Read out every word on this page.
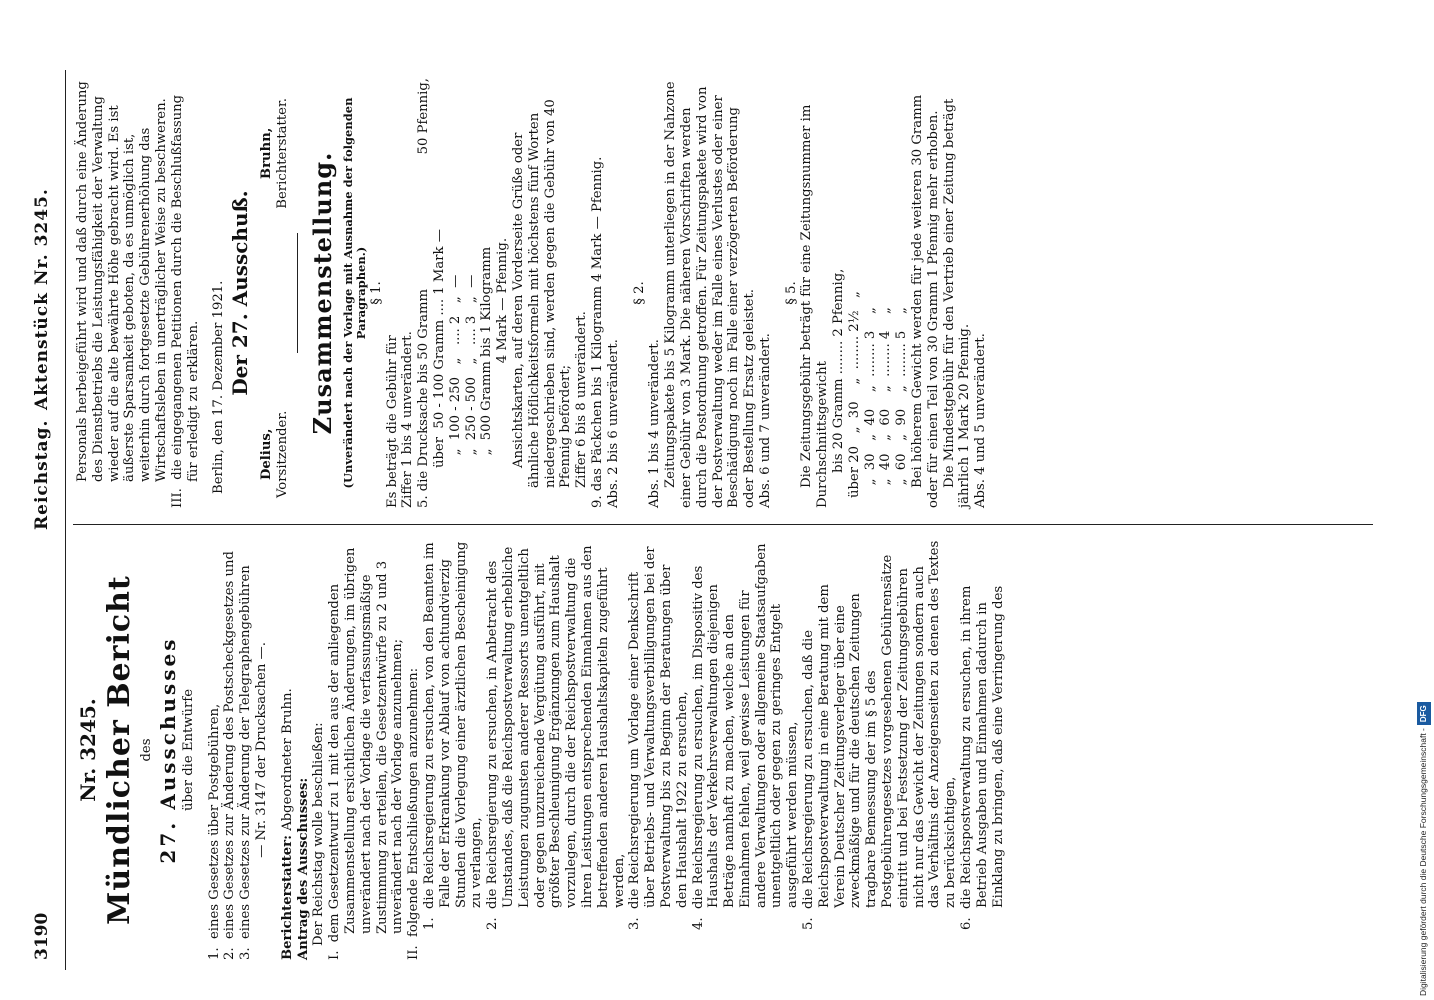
3190
Reichstag.
Aktenstück Nr. 3245.

Nr. 3245. Mündlicher Bericht des 27. Ausschusses über die Entwürfe

1.  eines Gesetzes über Postgebühren,

2.  eines Gesetzes zur Änderung des Postscheckgesetzes und

3.  eines Gesetzes zur Änderung der Telegraphengebühren — Nr. 3147 der Drucksachen —.

Berichterstatter: Abgeordneter Bruhn.

Antrag des Ausschusses: Der Reichstag wolle beschließen:

I.  dem Gesetzentwurf zu 1 mit den aus der anliegenden Zusammenstellung ersichtlichen Änderungen, im übrigen unverändert nach der Vorlage die verfassungsmäßige Zustimmung zu erteilen, die Gesetzentwürfe zu 2 und 3 unverändert nach der Vorlage anzunehmen;

II.  folgende Entschließungen anzunehmen: 1.  die Reichsregierung zu ersuchen, von den Beamten im Falle der Erkrankung vor Ablauf von achtundvierzig Stunden die Vorlegung einer ärztlichen Bescheinigung zu verlangen,

2.  die Reichsregierung zu ersuchen, in Anbetracht des Umstandes, daß die Reichspostverwaltung erhebliche Leistungen zugunsten anderer Ressorts unentgeltlich oder gegen unzureichende Vergütung ausführt, mit größter Beschleunigung Ergänzungen zum Haushalt vorzulegen, durch die der Reichspostverwaltung die ihren Leistungen entsprechenden Einnahmen aus den betreffenden anderen Haushaltskapiteln zugeführt werden,

3.  die Reichsregierung um Vorlage einer Denkschrift über Betriebs- und Verwaltungsverbilligungen bei der Postverwaltung bis zu Beginn der Beratungen über den Haushalt 1922 zu ersuchen,

4.  die Reichsregierung zu ersuchen, im Dispositiv des Haushalts der Verkehrsverwaltungen diejenigen Beträge namhaft zu machen, welche an den Einnahmen fehlen, weil gewisse Leistungen für andere Verwaltungen oder allgemeine Staatsaufgaben unentgeltlich oder gegen zu geringes Entgelt ausgeführt werden müssen,

5.  die Reichsregierung zu ersuchen, daß die Reichspostverwaltung in eine Beratung mit dem Verein Deutscher Zeitungsverleger über eine zweckmäßige und für die deutschen Zeitungen tragbare Bemessung der im § 5 des Postgebührengesetzes vorgesehenen Gebührensätze eintritt und bei Festsetzung der Zeitungsgebühren nicht nur das Gewicht der Zeitungen sondern auch das Verhältnis der Anzeigenseiten zu denen des Textes zu berücksichtigen,

6.  die Reichspostverwaltung zu ersuchen, in ihrem Betrieb Ausgaben und Einnahmen dadurch in Einklang zu bringen, daß eine Verringerung des

Personals herbeigeführt wird und daß durch eine Änderung des Dienstbetriebs die Leistungsfähigkeit der Verwaltung wieder auf die alte bewährte Höhe gebracht wird. Es ist äußerste Sparsamkeit geboten, da es unmöglich ist, weiterhin durch fortgesetzte Gebührenerhöhung das Wirtschaftsleben in unerträglicher Weise zu beschweren.

III.  die eingegangenen Petitionen durch die Beschlußfassung für erledigt zu erklären. Berlin, den 17. Dezember 1921. Der 27. Ausschuß.

Delius, Vorsitzender.
Bruhn, Berichterstatter. Zusammenstellung. (Unverändert nach der Vorlage mit Ausnahme der folgenden Paragraphen.) § 1.

Es beträgt die Gebühr für Ziffer 1 bis 4 unverändert. 5. die Drucksache bis 50 Gramm
50 Pfennig,

über  50 - 100 Gramm .... 1 Mark — „  100 - 250   „   .... 2   „  — „  250 - 500   „   .... 3   „  — „  500 Gramm bis 1 Kilogramm 4 Mark — Pfennig. Ansichtskarten, auf deren Vorderseite Grüße oder ähnliche Höflichkeitsformeln mit höchstens fünf Worten niedergeschrieben sind, werden gegen die Gebühr von 40 Pfennig befördert; Ziffer 6 bis 8 unverändert. 9. das Päckchen bis 1 Kilogramm 4 Mark — Pfennig. Abs. 2 bis 6 unverändert.

§ 2.

Abs. 1 bis 4 unverändert. Zeitungspakete bis 5 Kilogramm unterliegen in der Nahzone einer Gebühr von 3 Mark. Die näheren Vorschriften werden durch die Postordnung getroffen. Für Zeitungspakete wird von der Postverwaltung weder im Falle eines Verlustes oder einer Beschädigung noch im Falle einer verzögerten Beförderung oder Bestellung Ersatz geleistet. Abs. 6 und 7 unverändert.

§ 5. Die Zeitungsgebühr beträgt für eine Zeitungsnummer im Durchschnittsgewicht bis 20 Gramm ........ 2 Pfennig, über 20   „  30    „  ........ 2½   „ „  30   „  40    „  ........ 3    „ „  40   „  60    „  ........ 4    „ „  60   „  90    „  ........ 5    „ Bei höherem Gewicht werden für jede weiteren 30 Gramm oder für einen Teil von 30 Gramm 1 Pfennig mehr erhoben. Die Mindestgebühr für den Vertrieb einer Zeitung beträgt jährlich 1 Mark 20 Pfennig. Abs. 4 und 5 unverändert.

Digitalisierung gefördert durch die Deutsche Forschungsgemeinschaft -DFG
